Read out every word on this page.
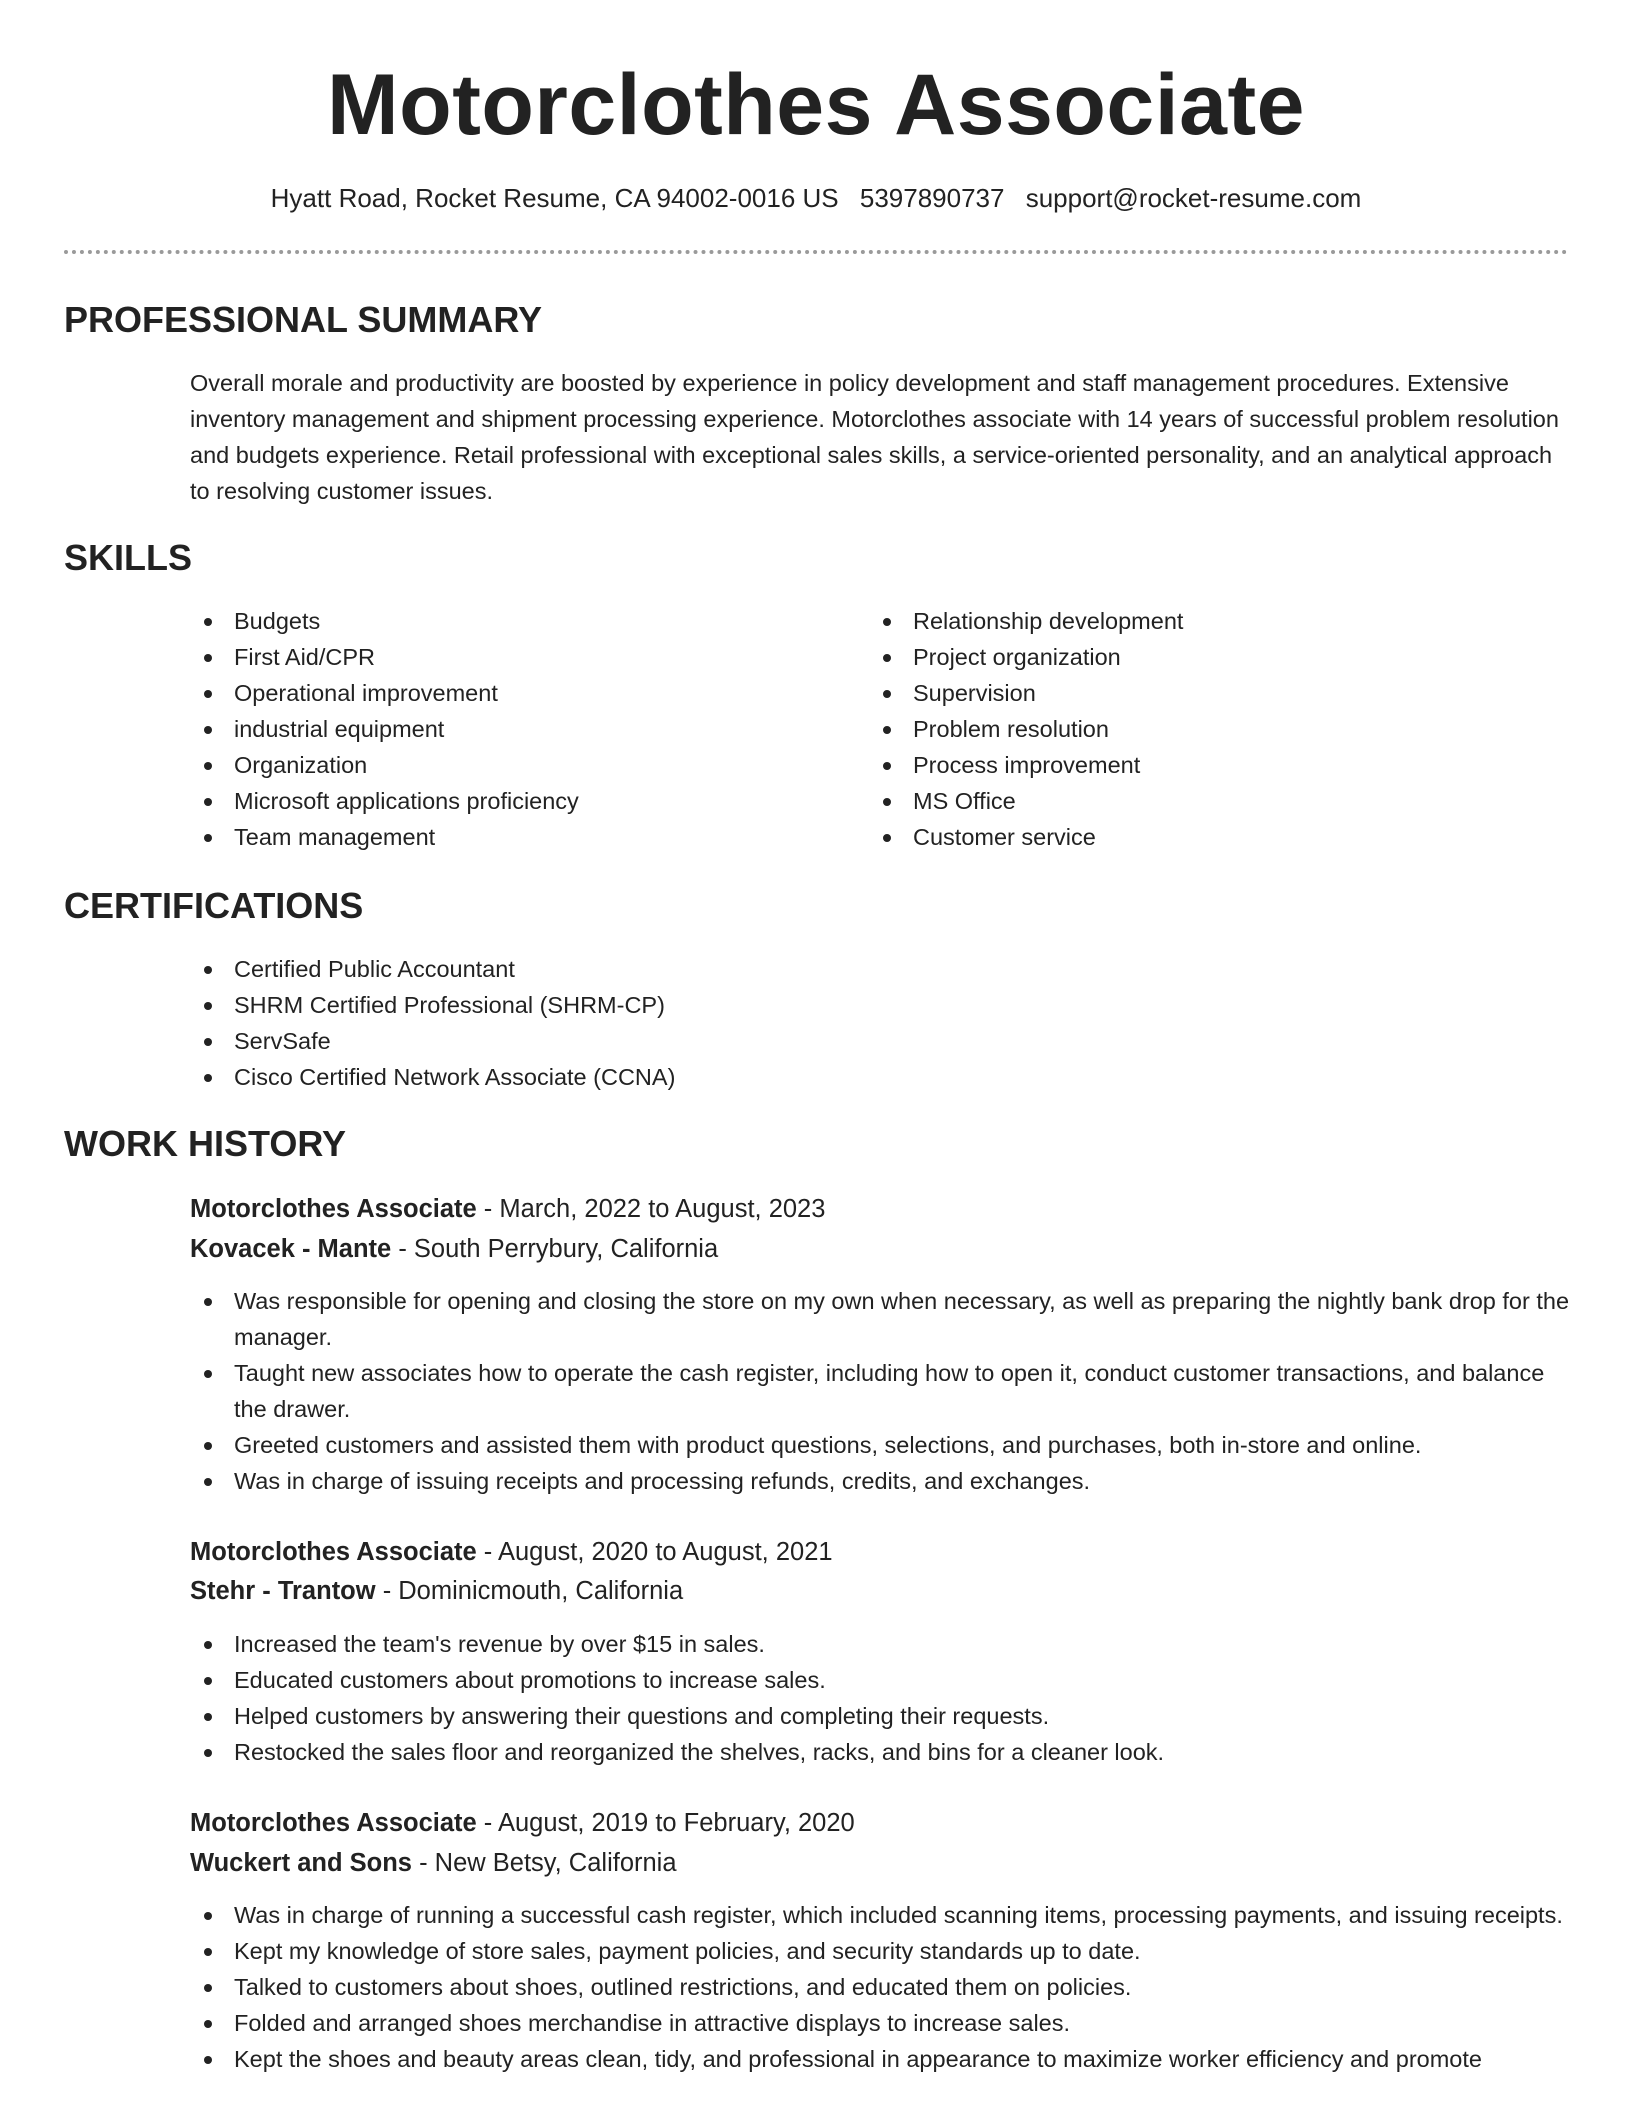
Motorclothes Associate
Hyatt Road, Rocket Resume, CA 94002-0016 US 5397890737 support@rocket-resume.com
PROFESSIONAL SUMMARY
Overall morale and productivity are boosted by experience in policy development and staff management procedures. Extensive inventory management and shipment processing experience. Motorclothes associate with 14 years of successful problem resolution and budgets experience. Retail professional with exceptional sales skills, a service-oriented personality, and an analytical approach to resolving customer issues.
SKILLS
Budgets
First Aid/CPR
Operational improvement
industrial equipment
Organization
Microsoft applications proficiency
Team management
Relationship development
Project organization
Supervision
Problem resolution
Process improvement
MS Office
Customer service
CERTIFICATIONS
Certified Public Accountant
SHRM Certified Professional (SHRM-CP)
ServSafe
Cisco Certified Network Associate (CCNA)
WORK HISTORY
Motorclothes Associate - March, 2022 to August, 2023
Kovacek - Mante - South Perrybury, California
Was responsible for opening and closing the store on my own when necessary, as well as preparing the nightly bank drop for the manager.
Taught new associates how to operate the cash register, including how to open it, conduct customer transactions, and balance the drawer.
Greeted customers and assisted them with product questions, selections, and purchases, both in-store and online.
Was in charge of issuing receipts and processing refunds, credits, and exchanges.
Motorclothes Associate - August, 2020 to August, 2021
Stehr - Trantow - Dominicmouth, California
Increased the team's revenue by over $15 in sales.
Educated customers about promotions to increase sales.
Helped customers by answering their questions and completing their requests.
Restocked the sales floor and reorganized the shelves, racks, and bins for a cleaner look.
Motorclothes Associate - August, 2019 to February, 2020
Wuckert and Sons - New Betsy, California
Was in charge of running a successful cash register, which included scanning items, processing payments, and issuing receipts.
Kept my knowledge of store sales, payment policies, and security standards up to date.
Talked to customers about shoes, outlined restrictions, and educated them on policies.
Folded and arranged shoes merchandise in attractive displays to increase sales.
Kept the shoes and beauty areas clean, tidy, and professional in appearance to maximize worker efficiency and promote
